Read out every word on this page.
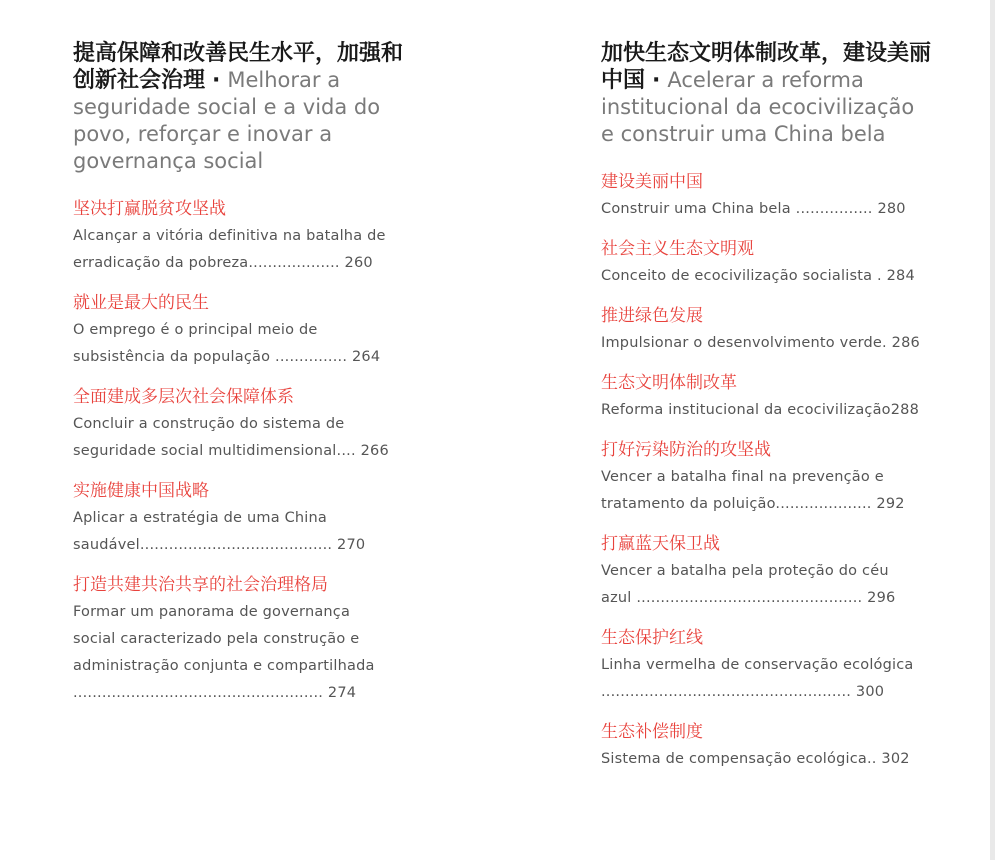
提高保障和改善民生水平，加强和创新社会治理 · Melhorar a seguridade social e a vida do povo, reforçar e inovar a governança social

坚决打赢脱贫攻坚战
Alcançar a vitória definitiva na batalha de
erradicação da pobreza................... 260
就业是最大的民生
O emprego é o principal meio de
subsistência da população ............... 264
全面建成多层次社会保障体系
Concluir a construção do sistema de
seguridade social multidimensional.... 266
实施健康中国战略
Aplicar a estratégia de uma China
saudável........................................ 270
打造共建共治共享的社会治理格局
Formar um panorama de governança
social caracterizado pela construção e
administração conjunta e compartilhada
.................................................... 274

加快生态文明体制改革，建设美丽中国 · Acelerar a reforma institucional da ecocivilização e construir uma China bela

建设美丽中国
Construir uma China bela ................ 280
社会主义生态文明观
Conceito de ecocivilização socialista . 284
推进绿色发展
Impulsionar o desenvolvimento verde. 286
生态文明体制改革
Reforma institucional da ecocivilização288
打好污染防治的攻坚战
Vencer a batalha final na prevenção e
tratamento da poluição.................... 292
打赢蓝天保卫战
Vencer a batalha pela proteção do céu
azul ............................................... 296
生态保护红线
Linha vermelha de conservação ecológica
.................................................... 300
生态补偿制度
Sistema de compensação ecológica.. 302
